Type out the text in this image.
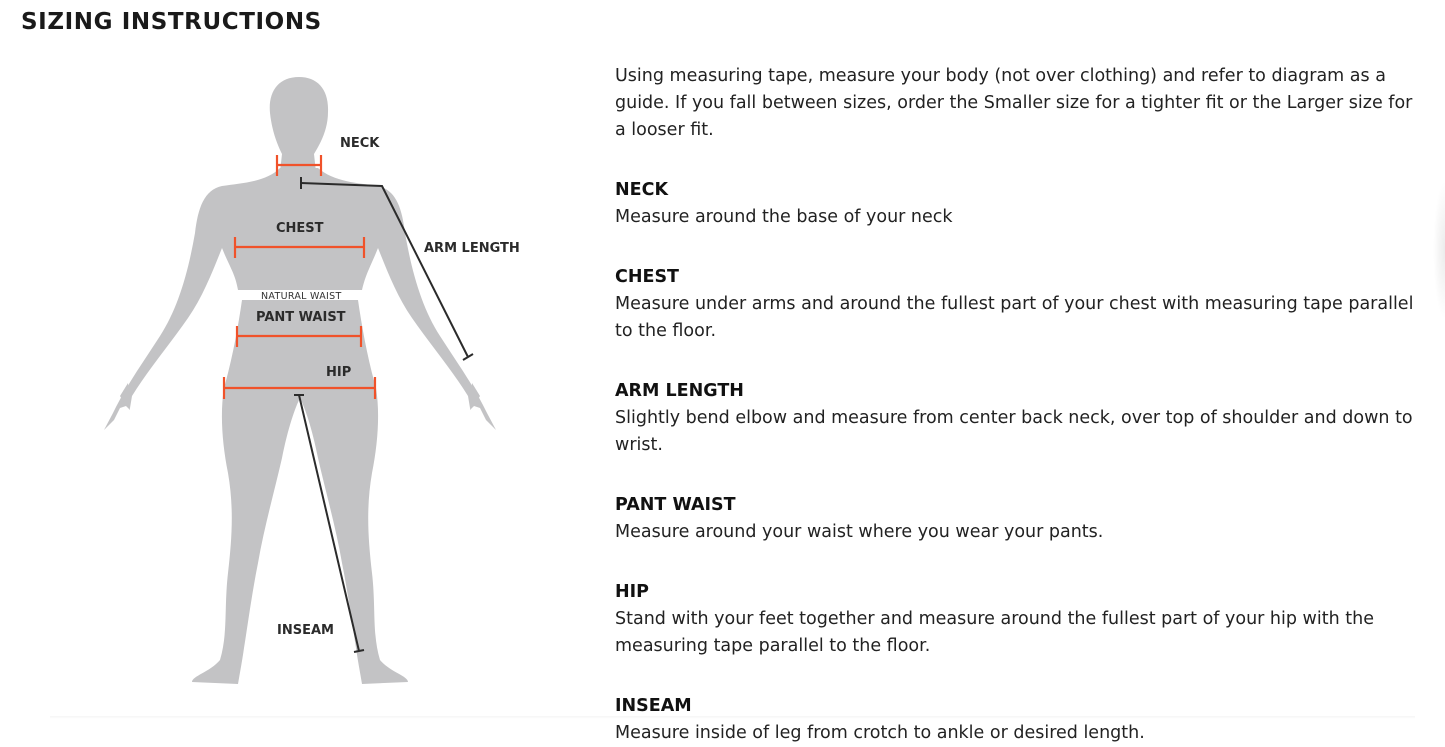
SIZING INSTRUCTIONS
NECK
CHEST
ARM LENGTH
NATURAL WAIST
PANT WAIST
HIP
INSEAM

Using measuring tape, measure your body (not over clothing) and refer to diagram as a guide. If you fall between sizes, order the Smaller size for a tighter fit or the Larger size for a looser fit.

NECK

Measure around the base of your neck

CHEST

Measure under arms and around the fullest part of your chest with measuring tape parallel to the floor.

ARM LENGTH

Slightly bend elbow and measure from center back neck, over top of shoulder and down to wrist.

PANT WAIST

Measure around your waist where you wear your pants.

HIP

Stand with your feet together and measure around the fullest part of your hip with the measuring tape parallel to the floor.

INSEAM

Measure inside of leg from crotch to ankle or desired length.
